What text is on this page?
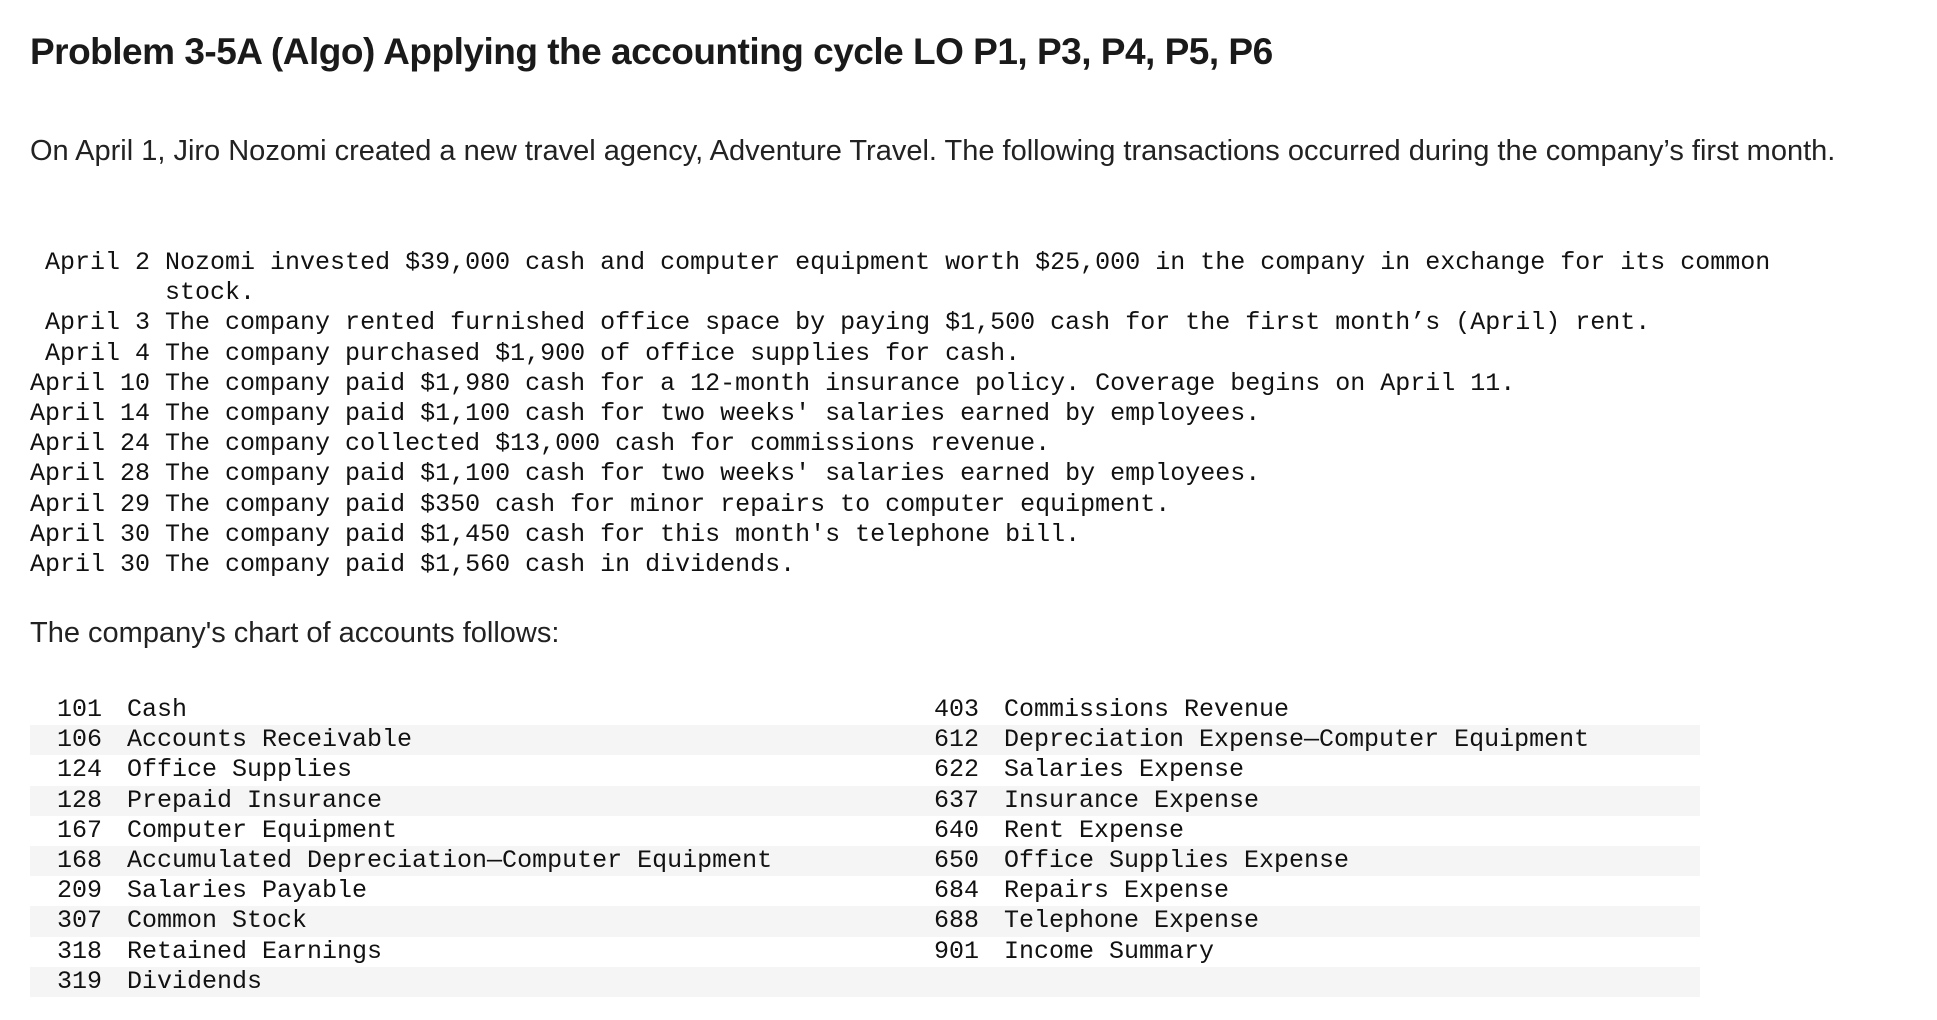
Problem 3-5A (Algo) Applying the accounting cycle LO P1, P3, P4, P5, P6

On April 1, Jiro Nozomi created a new travel agency, Adventure Travel. The following transactions occurred during the company’s first month.

April 2	Nozomi invested $39,000 cash and computer equipment worth $25,000 in the company in exchange for its common stock.
April 3	The company rented furnished office space by paying $1,500 cash for the first month’s (April) rent.
April 4	The company purchased $1,900 of office supplies for cash.
April 10	The company paid $1,980 cash for a 12-month insurance policy. Coverage begins on April 11.
April 14	The company paid $1,100 cash for two weeks' salaries earned by employees.
April 24	The company collected $13,000 cash for commissions revenue.
April 28	The company paid $1,100 cash for two weeks' salaries earned by employees.
April 29	The company paid $350 cash for minor repairs to computer equipment.
April 30	The company paid $1,450 cash for this month's telephone bill.
April 30	The company paid $1,560 cash in dividends.

The company's chart of accounts follows:

101	Cash	403	Commissions Revenue
106	Accounts Receivable	612	Depreciation Expense—Computer Equipment
124	Office Supplies	622	Salaries Expense
128	Prepaid Insurance	637	Insurance Expense
167	Computer Equipment	640	Rent Expense
168	Accumulated Depreciation—Computer Equipment	650	Office Supplies Expense
209	Salaries Payable	684	Repairs Expense
307	Common Stock	688	Telephone Expense
318	Retained Earnings	901	Income Summary
319	Dividends		
